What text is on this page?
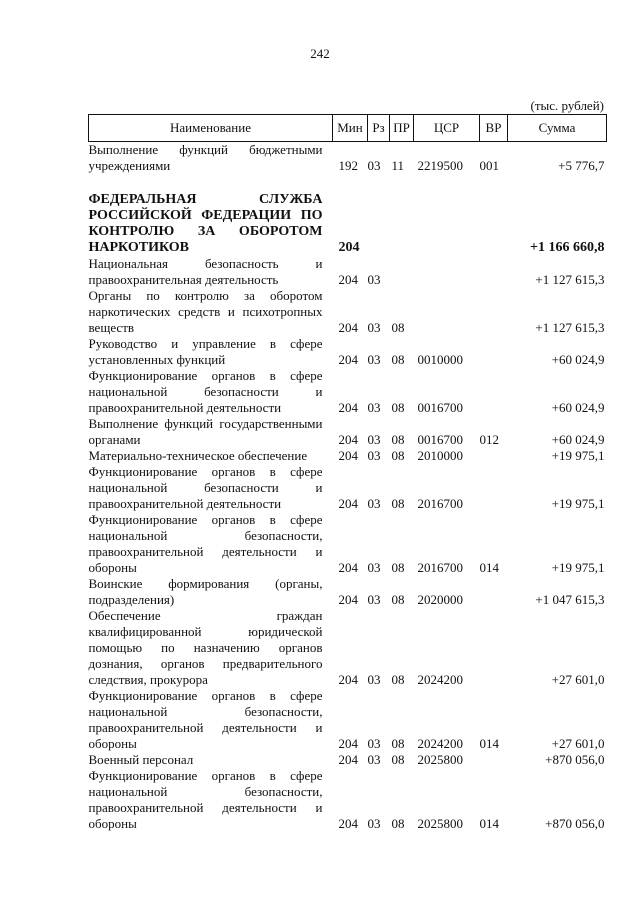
242
(тыс. рублей)
Наименование	Мин	Рз	ПР	ЦСР	ВР	Сумма
Выполнение функций бюджетными учреждениями	192	03	11	2219500	001	+5 776,7

ФЕДЕРАЛЬНАЯ СЛУЖБА РОССИЙСКОЙ ФЕДЕРАЦИИ ПО КОНТРОЛЮ ЗА ОБОРОТОМ НАРКОТИКОВ	204					+1 166 660,8
Национальная безопасность и правоохранительная деятельность	204	03				+1 127 615,3
Органы по контролю за оборотом наркотических средств и психотропных веществ	204	03	08			+1 127 615,3
Руководство и управление в сфере установленных функций	204	03	08	0010000		+60 024,9
Функционирование органов в сфере национальной безопасности и правоохранительной деятельности	204	03	08	0016700		+60 024,9
Выполнение функций государственными органами	204	03	08	0016700	012	+60 024,9
Материально-техническое обеспечение	204	03	08	2010000		+19 975,1
Функционирование органов в сфере национальной безопасности и правоохранительной деятельности	204	03	08	2016700		+19 975,1
Функционирование органов в сфере национальной безопасности, правоохранительной деятельности и обороны	204	03	08	2016700	014	+19 975,1
Воинские формирования (органы, подразделения)	204	03	08	2020000		+1 047 615,3
Обеспечение граждан квалифицированной юридической помощью по назначению органов дознания, органов предварительного следствия, прокурора	204	03	08	2024200		+27 601,0
Функционирование органов в сфере национальной безопасности, правоохранительной деятельности и обороны	204	03	08	2024200	014	+27 601,0
Военный персонал	204	03	08	2025800		+870 056,0
Функционирование органов в сфере национальной безопасности, правоохранительной деятельности и обороны	204	03	08	2025800	014	+870 056,0
